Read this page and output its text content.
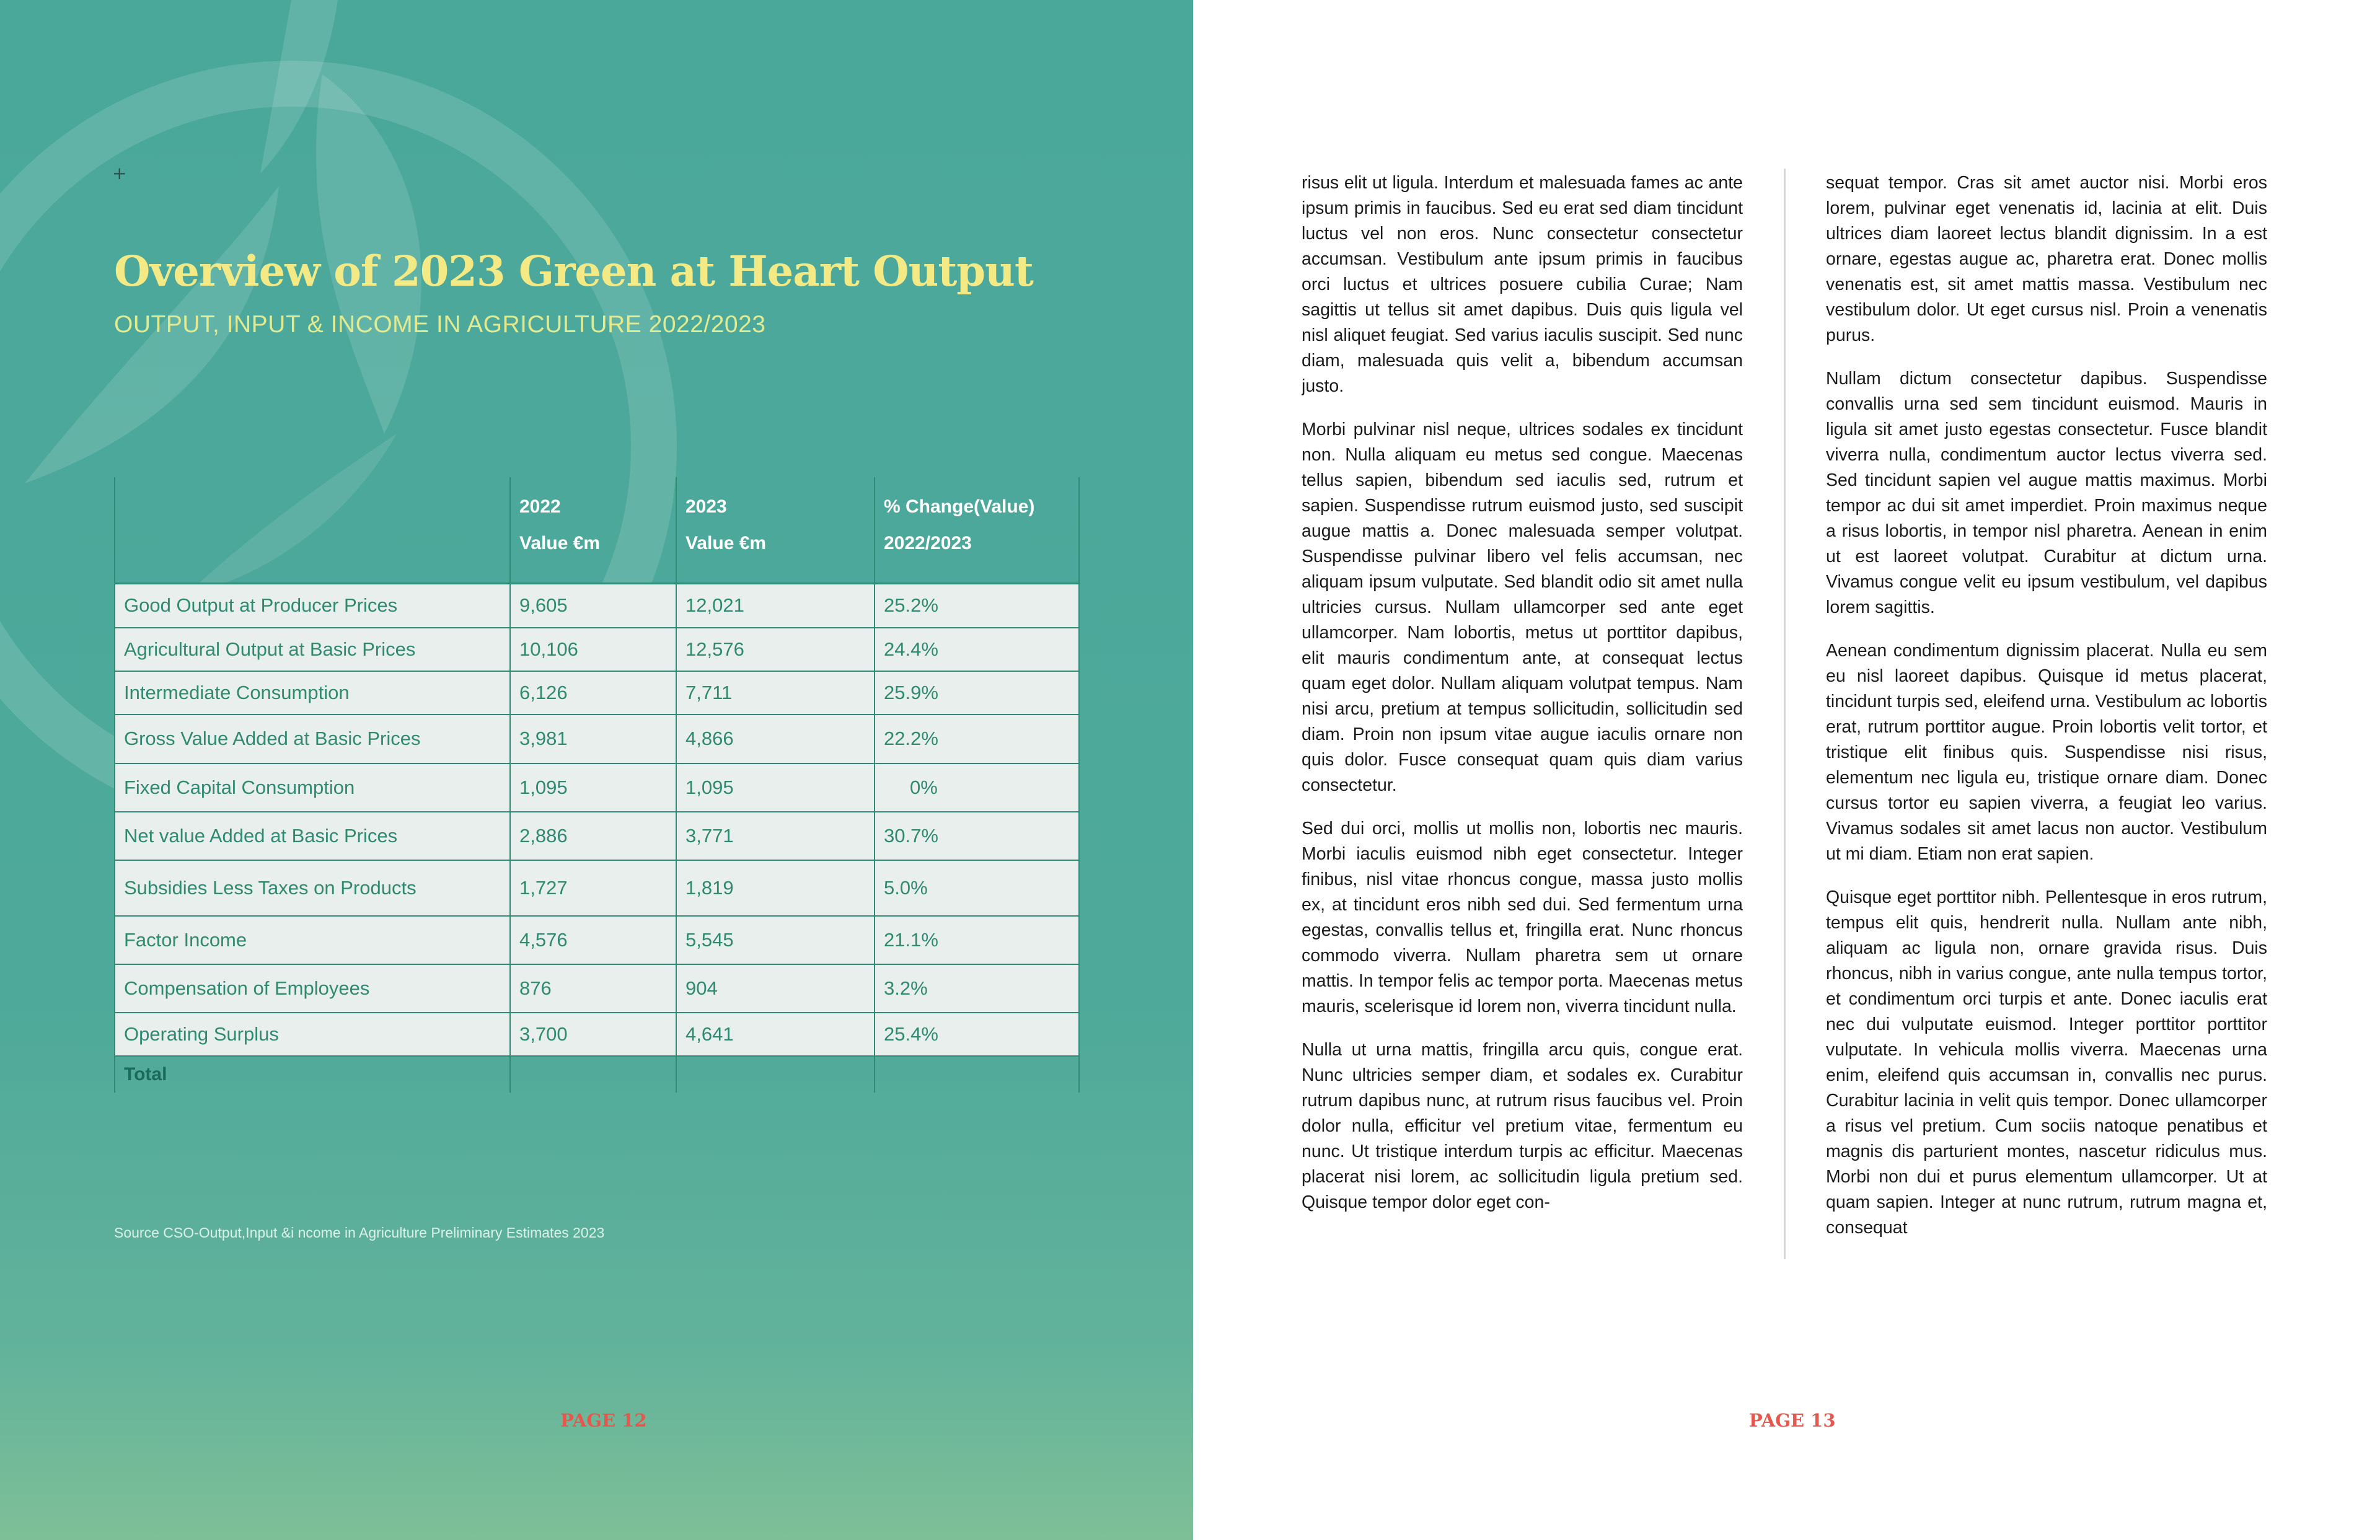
+
Overview of 2023 Green at Heart Output
OUTPUT, INPUT & INCOME IN AGRICULTURE 2022/2023
	2022	2023	% Change(Value)
	Value €m	Value €m	2022/2023
Good Output at Producer Prices	9,605	12,021	25.2%
Agricultural Output at Basic Prices	10,106	12,576	24.4%
Intermediate Consumption	6,126	7,711	25.9%
Gross Value Added at Basic Prices	3,981	4,866	22.2%
Fixed Capital Consumption	1,095	1,095	0%
Net value Added at Basic Prices	2,886	3,771	30.7%
Subsidies Less Taxes on Products	1,727	1,819	5.0%
Factor Income	4,576	5,545	21.1%
Compensation of Employees	876	904	3.2%
Operating Surplus	3,700	4,641	25.4%
Total			

Source CSO-Output,Input &i ncome in Agriculture Preliminary Estimates 2023

PAGE 12

risus elit ut ligula. Interdum et malesuada fames ac ante ipsum primis in faucibus. Sed eu erat sed diam tincidunt luctus vel non eros. Nunc consectetur consectetur accumsan. Vestibulum ante ipsum primis in faucibus orci luctus et ultrices posuere cubilia Curae; Nam sagittis ut tellus sit amet dapibus. Duis quis ligula vel nisl aliquet feugiat. Sed varius iaculis suscipit. Sed nunc diam, malesuada quis velit a, bibendum accumsan justo.

Morbi pulvinar nisl neque, ultrices sodales ex tincidunt non. Nulla aliquam eu metus sed congue. Maecenas tellus sapien, bibendum sed iaculis sed, rutrum et sapien. Suspendisse rutrum euismod justo, sed suscipit augue mattis a. Donec malesuada semper volutpat. Suspendisse pulvinar libero vel felis accumsan, nec aliquam ipsum vulputate. Sed blandit odio sit amet nulla ultricies cursus. Nullam ullamcorper sed ante eget ullamcorper. Nam lobortis, metus ut porttitor dapibus, elit mauris condimentum ante, at consequat lectus quam eget dolor. Nullam aliquam volutpat tempus. Nam nisi arcu, pretium at tempus sollicitudin, sollicitudin sed diam. Proin non ipsum vitae augue iaculis ornare non quis dolor. Fusce consequat quam quis diam varius consectetur.

Sed dui orci, mollis ut mollis non, lobortis nec mauris. Morbi iaculis euismod nibh eget consectetur. Integer finibus, nisl vitae rhoncus congue, massa justo mollis ex, at tincidunt eros nibh sed dui. Sed fermentum urna egestas, convallis tellus et, fringilla erat. Nunc rhoncus commodo viverra. Nullam pharetra sem ut ornare mattis. In tempor felis ac tempor porta. Maecenas metus mauris, scelerisque id lorem non, viverra tincidunt nulla.

Nulla ut urna mattis, fringilla arcu quis, congue erat. Nunc ultricies semper diam, et sodales ex. Curabitur rutrum dapibus nunc, at rutrum risus faucibus vel. Proin dolor nulla, efficitur vel pretium vitae, fermentum eu nunc. Ut tristique interdum turpis ac efficitur. Maecenas placerat nisi lorem, ac sollicitudin ligula pretium sed. Quisque tempor dolor eget con-

sequat tempor. Cras sit amet auctor nisi. Morbi eros lorem, pulvinar eget venenatis id, lacinia at elit. Duis ultrices diam laoreet lectus blandit dignissim. In a est ornare, egestas augue ac, pharetra erat. Donec mollis venenatis est, sit amet mattis massa. Vestibulum nec vestibulum dolor. Ut eget cursus nisl. Proin a venenatis purus.

Nullam dictum consectetur dapibus. Suspendisse convallis urna sed sem tincidunt euismod. Mauris in ligula sit amet justo egestas consectetur. Fusce blandit viverra nulla, condimentum auctor lectus viverra sed. Sed tincidunt sapien vel augue mattis maximus. Morbi tempor ac dui sit amet imperdiet. Proin maximus neque a risus lobortis, in tempor nisl pharetra. Aenean in enim ut est laoreet volutpat. Curabitur at dictum urna. Vivamus congue velit eu ipsum vestibulum, vel dapibus lorem sagittis.

Aenean condimentum dignissim placerat. Nulla eu sem eu nisl laoreet dapibus. Quisque id metus placerat, tincidunt turpis sed, eleifend urna. Vestibulum ac lobortis erat, rutrum porttitor augue. Proin lobortis velit tortor, et tristique elit finibus quis. Suspendisse nisi risus, elementum nec ligula eu, tristique ornare diam. Donec cursus tortor eu sapien viverra, a feugiat leo varius. Vivamus sodales sit amet lacus non auctor. Vestibulum ut mi diam. Etiam non erat sapien.

Quisque eget porttitor nibh. Pellentesque in eros rutrum, tempus elit quis, hendrerit nulla. Nullam ante nibh, aliquam ac ligula non, ornare gravida risus. Duis rhoncus, nibh in varius congue, ante nulla tempus tortor, et condimentum orci turpis et ante. Donec iaculis erat nec dui vulputate euismod. Integer porttitor porttitor vulputate. In vehicula mollis viverra. Maecenas urna enim, eleifend quis accumsan in, convallis nec purus. Curabitur lacinia in velit quis tempor. Donec ullamcorper a risus vel pretium. Cum sociis natoque penatibus et magnis dis parturient montes, nascetur ridiculus mus. Morbi non dui et purus elementum ullamcorper. Ut at quam sapien. Integer at nunc rutrum, rutrum magna et, consequat

PAGE 13
